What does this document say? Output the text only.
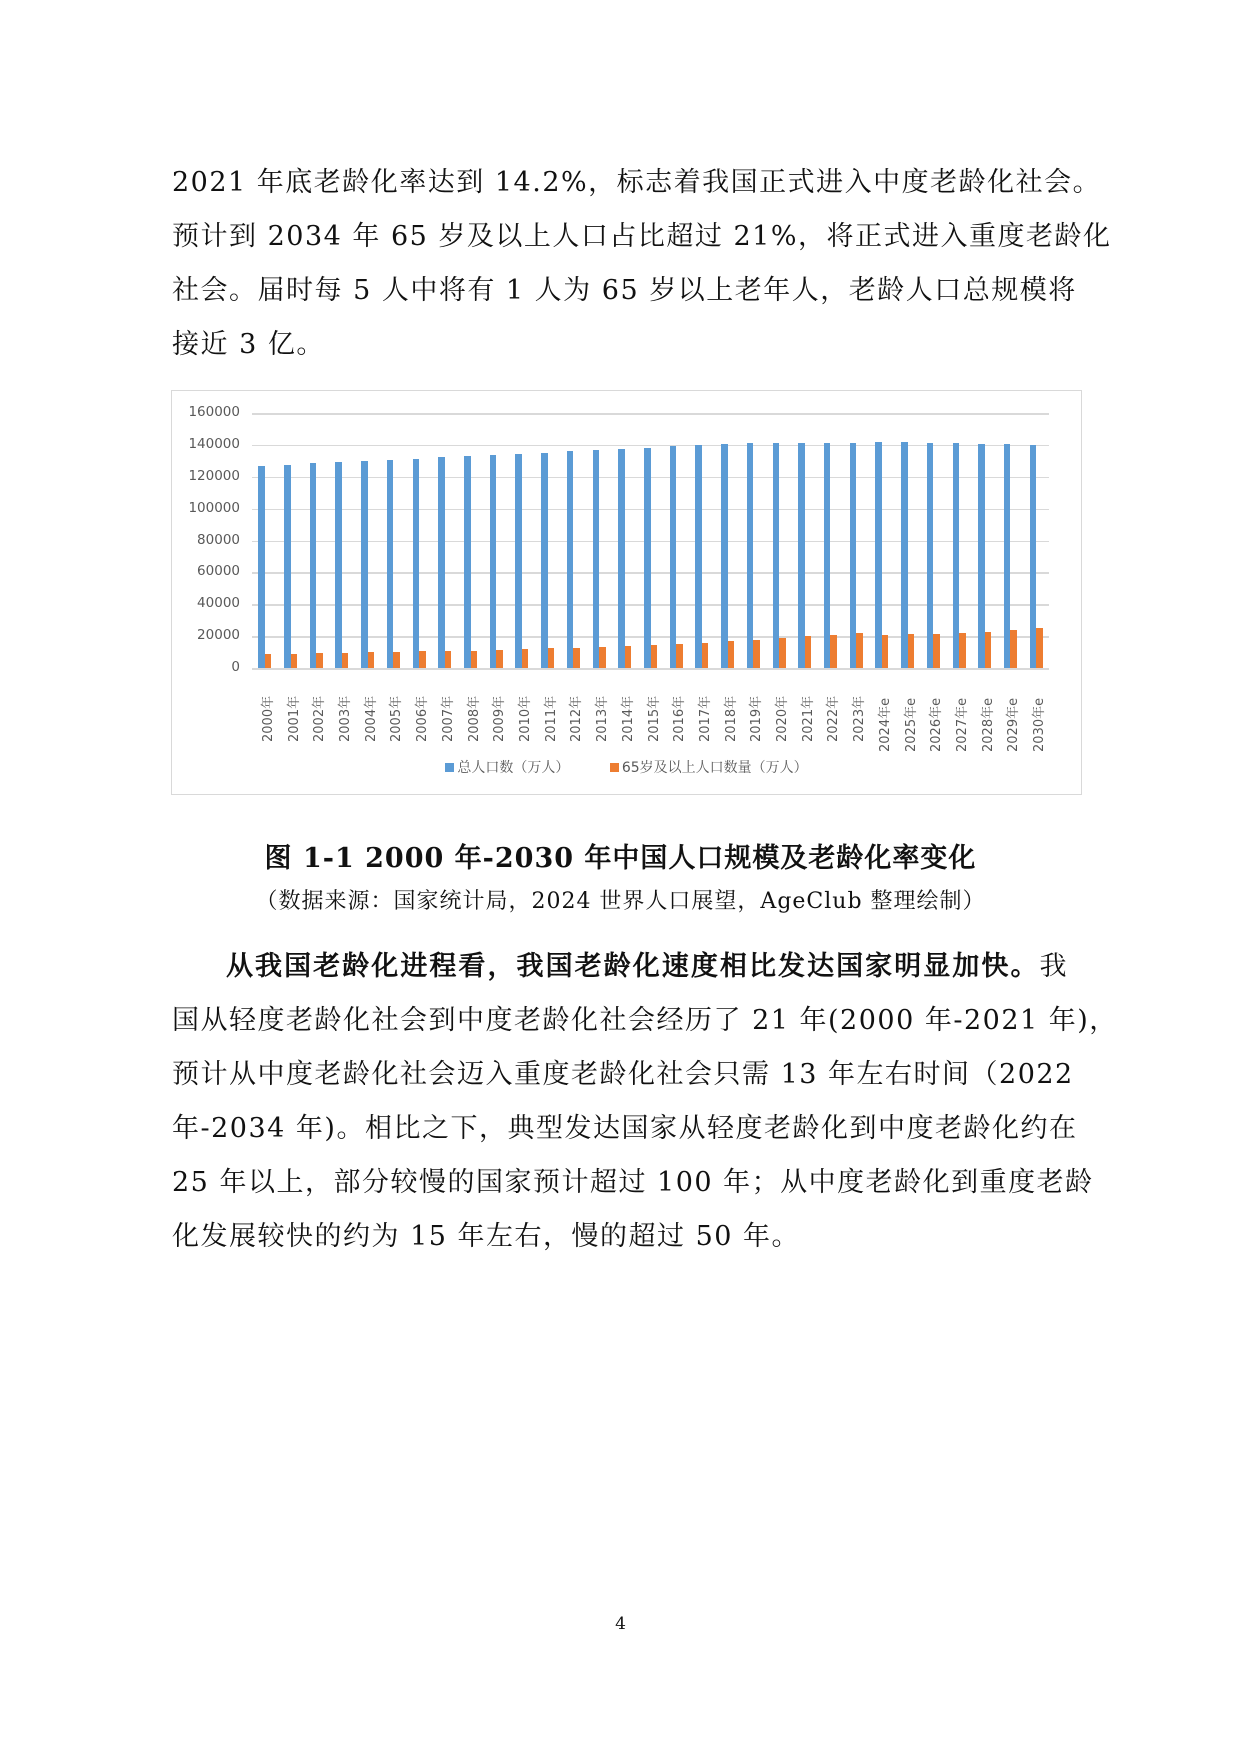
2021 年底老龄化率达到 14.2%，标志着我国正式进入中度老龄化社会。
预计到 2034 年 65 岁及以上人口占比超过 21%，将正式进入重度老龄化
社会。届时每 5 人中将有 1 人为 65 岁以上老年人，老龄人口总规模将
接近 3 亿。
0
20000
40000
60000
80000
100000
120000
140000
160000
2000年 2001年 2002年 2003年 2004年 2005年 2006年 2007年 2008年 2009年 2010年 2011年 2012年 2013年 2014年 2015年 2016年 2017年 2018年 2019年 2020年 2021年 2022年 2023年 2024年e 2025年e 2026年e 2027年e 2028年e 2029年e 2030年e
总人口数（万人）	65岁及以上人口数量（万人）
图 1-1 2000 年-2030 年中国人口规模及老龄化率变化
（数据来源：国家统计局，2024 世界人口展望，AgeClub 整理绘制）
从我国老龄化进程看，我国老龄化速度相比发达国家明显加快。我
国从轻度老龄化社会到中度老龄化社会经历了 21 年(2000 年-2021 年)，
预计从中度老龄化社会迈入重度老龄化社会只需 13 年左右时间（2022
年-2034 年)。相比之下，典型发达国家从轻度老龄化到中度老龄化约在
25 年以上，部分较慢的国家预计超过 100 年；从中度老龄化到重度老龄
化发展较快的约为 15 年左右，慢的超过 50 年。
4
